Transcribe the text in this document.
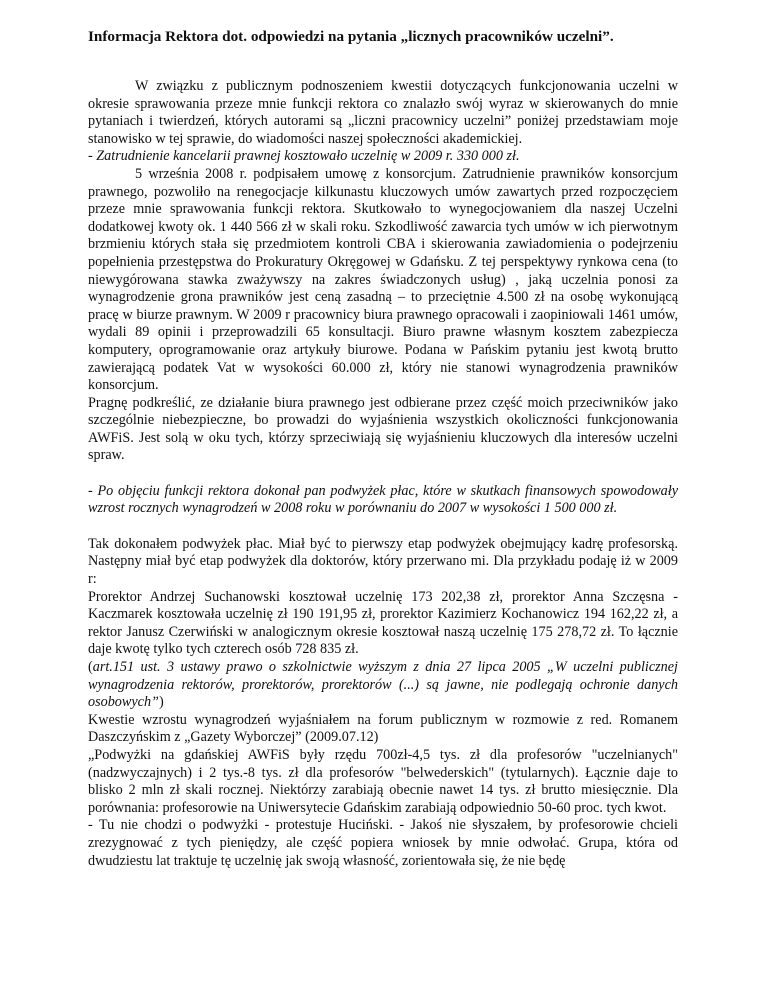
Informacja Rektora dot. odpowiedzi na pytania „licznych pracowników uczelni”.

W związku z publicznym podnoszeniem kwestii dotyczących funkcjonowania uczelni w okresie sprawowania przeze mnie funkcji rektora co znalazło swój wyraz w skierowanych do mnie pytaniach i twierdzeń, których autorami są „liczni pracownicy uczelni” poniżej przedstawiam moje stanowisko w tej sprawie, do wiadomości naszej społeczności akademickiej.

- Zatrudnienie kancelarii prawnej kosztowało uczelnię w 2009 r. 330 000 zł.

5 września 2008 r. podpisałem umowę z konsorcjum. Zatrudnienie prawników konsorcjum prawnego, pozwoliło na renegocjacje kilkunastu kluczowych umów zawartych przed rozpoczęciem przeze mnie sprawowania funkcji rektora. Skutkowało to wynegocjowaniem dla naszej Uczelni dodatkowej kwoty ok. 1 440 566 zł w skali roku. Szkodliwość zawarcia tych umów w ich pierwotnym brzmieniu których stała się przedmiotem kontroli CBA i skierowania zawiadomienia o podejrzeniu popełnienia przestępstwa do Prokuratury Okręgowej w Gdańsku. Z tej perspektywy rynkowa cena (to niewygórowana stawka zważywszy na zakres świadczonych usług) , jaką uczelnia ponosi za wynagrodzenie grona prawników jest ceną zasadną – to przeciętnie 4.500 zł na osobę wykonującą pracę w biurze prawnym. W 2009 r pracownicy biura prawnego opracowali i zaopiniowali 1461 umów, wydali 89 opinii i przeprowadzili 65 konsultacji. Biuro prawne własnym kosztem zabezpiecza komputery, oprogramowanie oraz artykuły biurowe. Podana w Pańskim pytaniu jest kwotą brutto zawierającą podatek Vat w wysokości 60.000 zł, który nie stanowi wynagrodzenia prawników konsorcjum.

Pragnę podkreślić, ze działanie biura prawnego jest odbierane przez część moich przeciwników jako szczególnie niebezpieczne, bo prowadzi do wyjaśnienia wszystkich okoliczności funkcjonowania AWFiS. Jest solą w oku tych, którzy sprzeciwiają się wyjaśnieniu kluczowych dla interesów uczelni spraw.

- Po objęciu funkcji rektora dokonał pan podwyżek płac, które w skutkach finansowych spowodowały wzrost rocznych wynagrodzeń w 2008 roku w porównaniu do 2007 w wysokości 1 500 000 zł.

Tak dokonałem podwyżek płac. Miał być to pierwszy etap podwyżek obejmujący kadrę profesorską. Następny miał być etap podwyżek dla doktorów, który przerwano mi. Dla przykładu podaję iż w 2009 r:

Prorektor Andrzej Suchanowski kosztował uczelnię 173 202,38 zł, prorektor Anna Szczęsna -Kaczmarek kosztowała uczelnię zł 190 191,95 zł, prorektor Kazimierz Kochanowicz 194 162,22 zł, a rektor Janusz Czerwiński w analogicznym okresie kosztował naszą uczelnię 175 278,72 zł. To łącznie daje kwotę tylko tych czterech osób 728 835 zł.

(art.151 ust. 3 ustawy prawo o szkolnictwie wyższym z dnia 27 lipca 2005 „W uczelni publicznej wynagrodzenia rektorów, prorektorów, prorektorów (...) są jawne, nie podlegają ochronie danych osobowych”)

Kwestie wzrostu wynagrodzeń wyjaśniałem na forum publicznym w rozmowie z red. Romanem Daszczyńskim z „Gazety Wyborczej” (2009.07.12)

„Podwyżki na gdańskiej AWFiS były rzędu 700zł-4,5 tys. zł dla profesorów "uczelnianych" (nadzwyczajnych) i 2 tys.-8 tys. zł dla profesorów "belwederskich" (tytularnych). Łącznie daje to blisko 2 mln zł skali rocznej. Niektórzy zarabiają obecnie nawet 14 tys. zł brutto miesięcznie. Dla porównania: profesorowie na Uniwersytecie Gdańskim zarabiają odpowiednio 50-60 proc. tych kwot.

- Tu nie chodzi o podwyżki - protestuje Huciński. - Jakoś nie słyszałem, by profesorowie chcieli zrezygnować z tych pieniędzy, ale część popiera wniosek by mnie odwołać. Grupa, która od dwudziestu lat traktuje tę uczelnię jak swoją własność, zorientowała się, że nie będę
